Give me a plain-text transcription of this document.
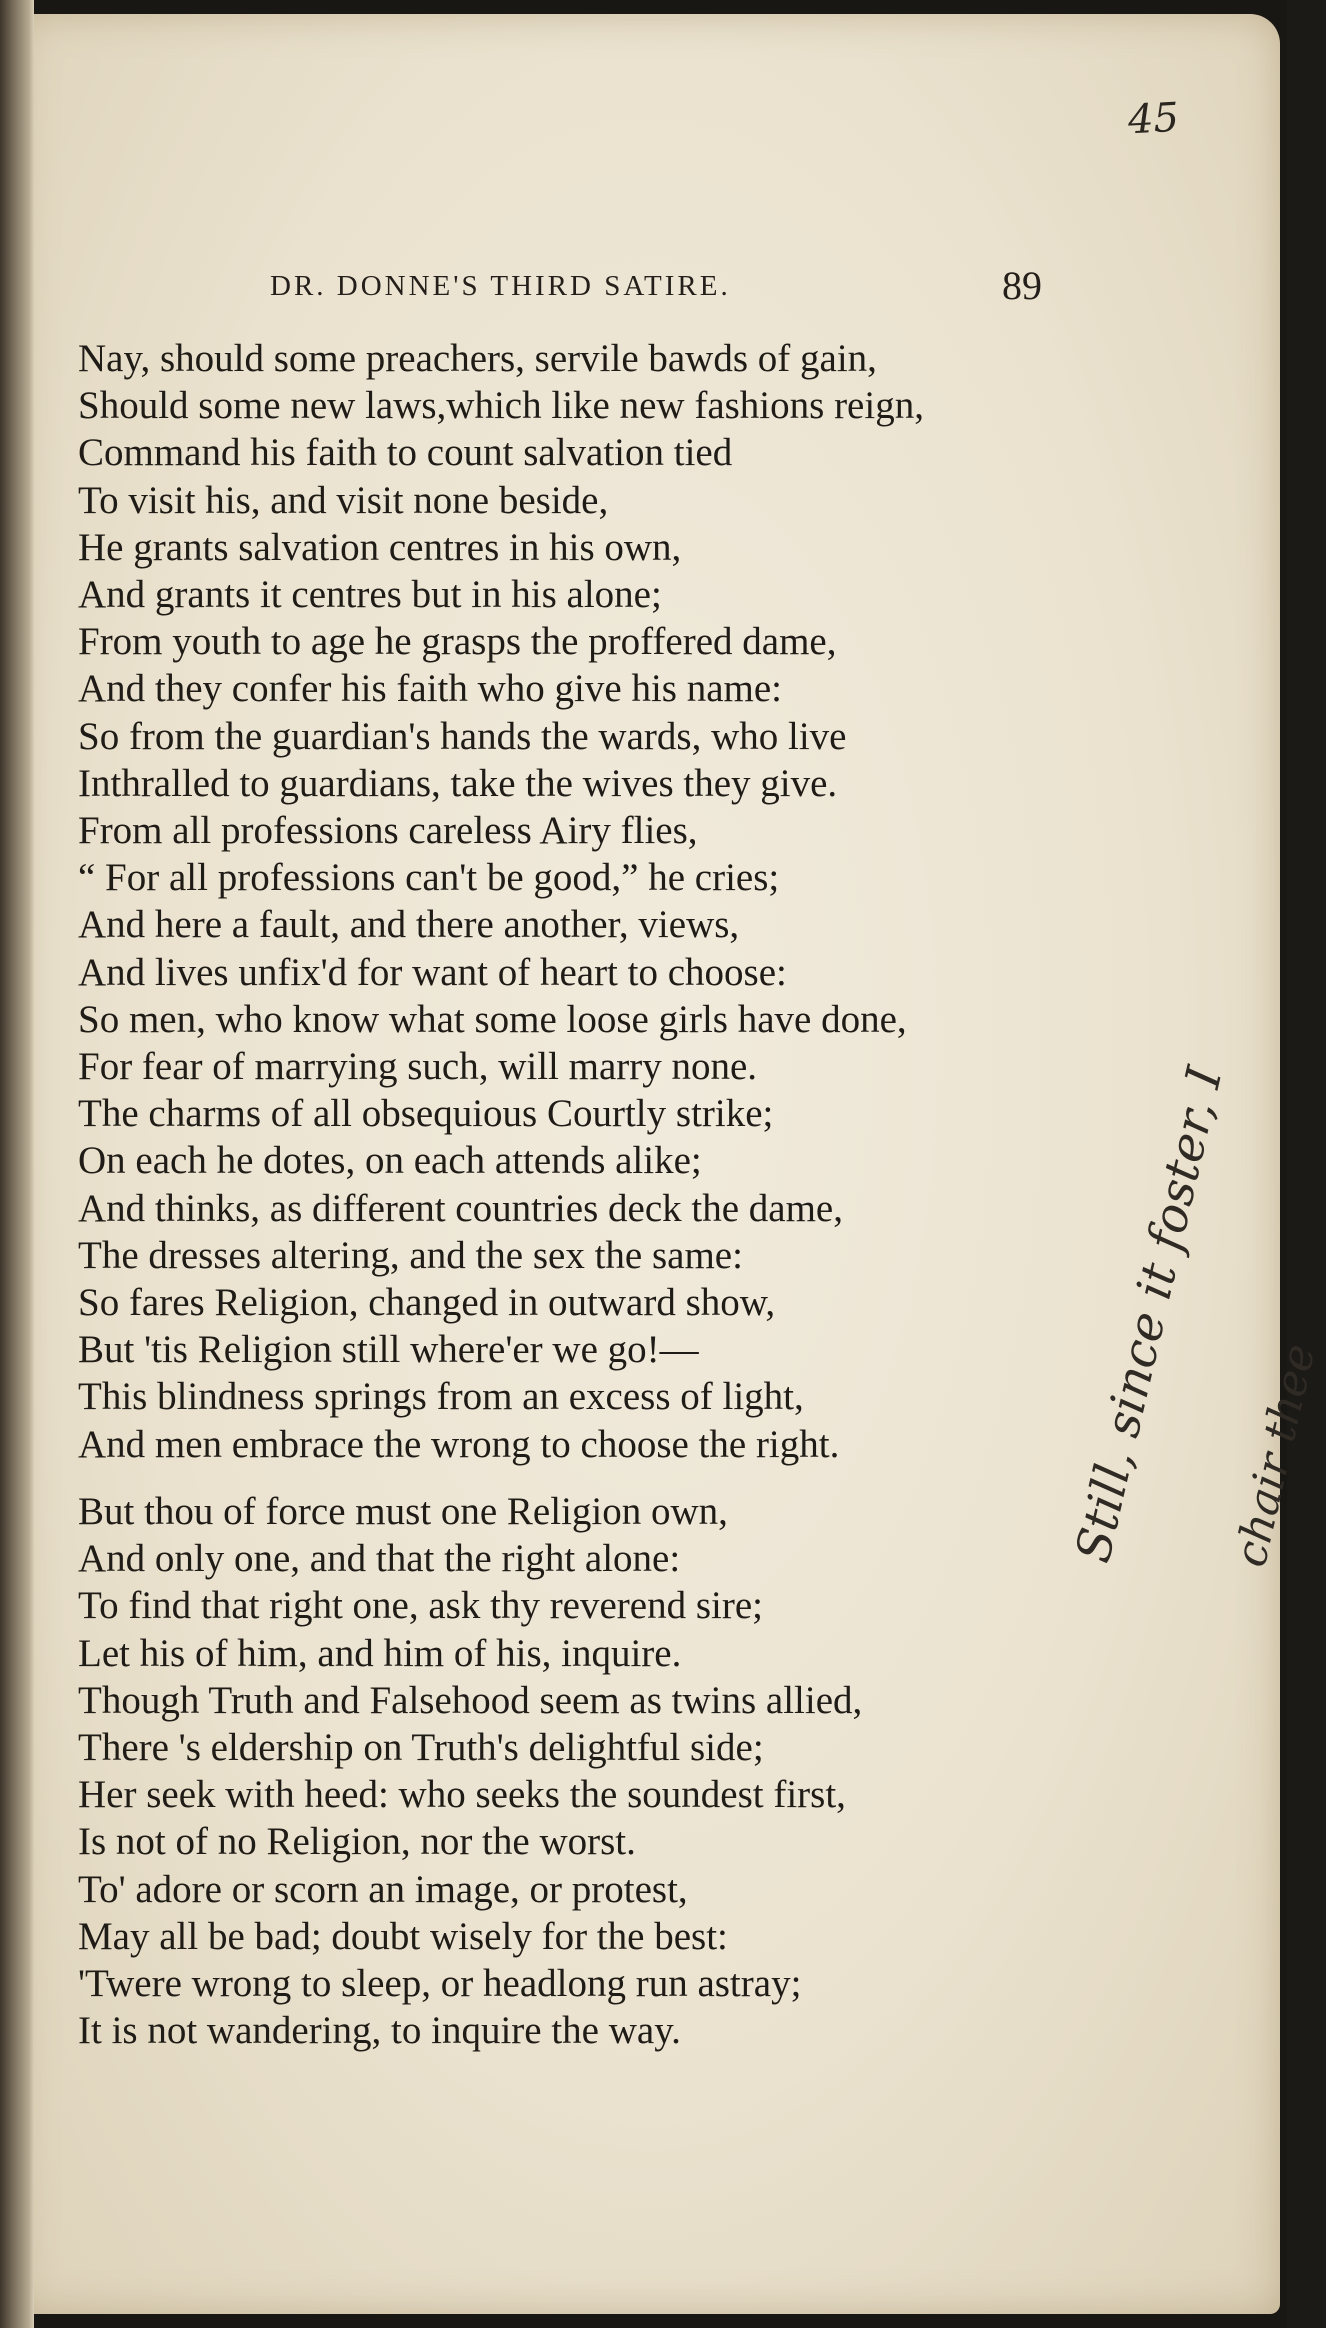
45
DR. DONNE'S THIRD SATIRE.	89
Nay, should some preachers, servile bawds of gain,
Should some new laws,which like new fashions reign,
Command his faith to count salvation tied
To visit his, and visit none beside,
He grants salvation centres in his own,
And grants it centres but in his alone;
From youth to age he grasps the proffered dame,
And they confer his faith who give his name:
So from the guardian's hands the wards, who live
Inthralled to guardians, take the wives they give.
From all professions careless Airy flies,
“ For all professions can't be good,” he cries;
And here a fault, and there another, views,
And lives unfix'd for want of heart to choose:
So men, who know what some loose girls have done,
For fear of marrying such, will marry none.
The charms of all obsequious Courtly strike;
On each he dotes, on each attends alike;
And thinks, as different countries deck the dame,
The dresses altering, and the sex the same:
So fares Religion, changed in outward show,
But 'tis Religion still where'er we go!—
This blindness springs from an excess of light,
And men embrace the wrong to choose the right.
But thou of force must one Religion own,
And only one, and that the right alone:
To find that right one, ask thy reverend sire;
Let his of him, and him of his, inquire.
Though Truth and Falsehood seem as twins allied,
There 's eldership on Truth's delightful side;
Her seek with heed: who seeks the soundest first,
Is not of no Religion, nor the worst.
To' adore or scorn an image, or protest,
May all be bad; doubt wisely for the best:
'Twere wrong to sleep, or headlong run astray;
It is not wandering, to inquire the way.
Still, since it foster, I
chair thee
